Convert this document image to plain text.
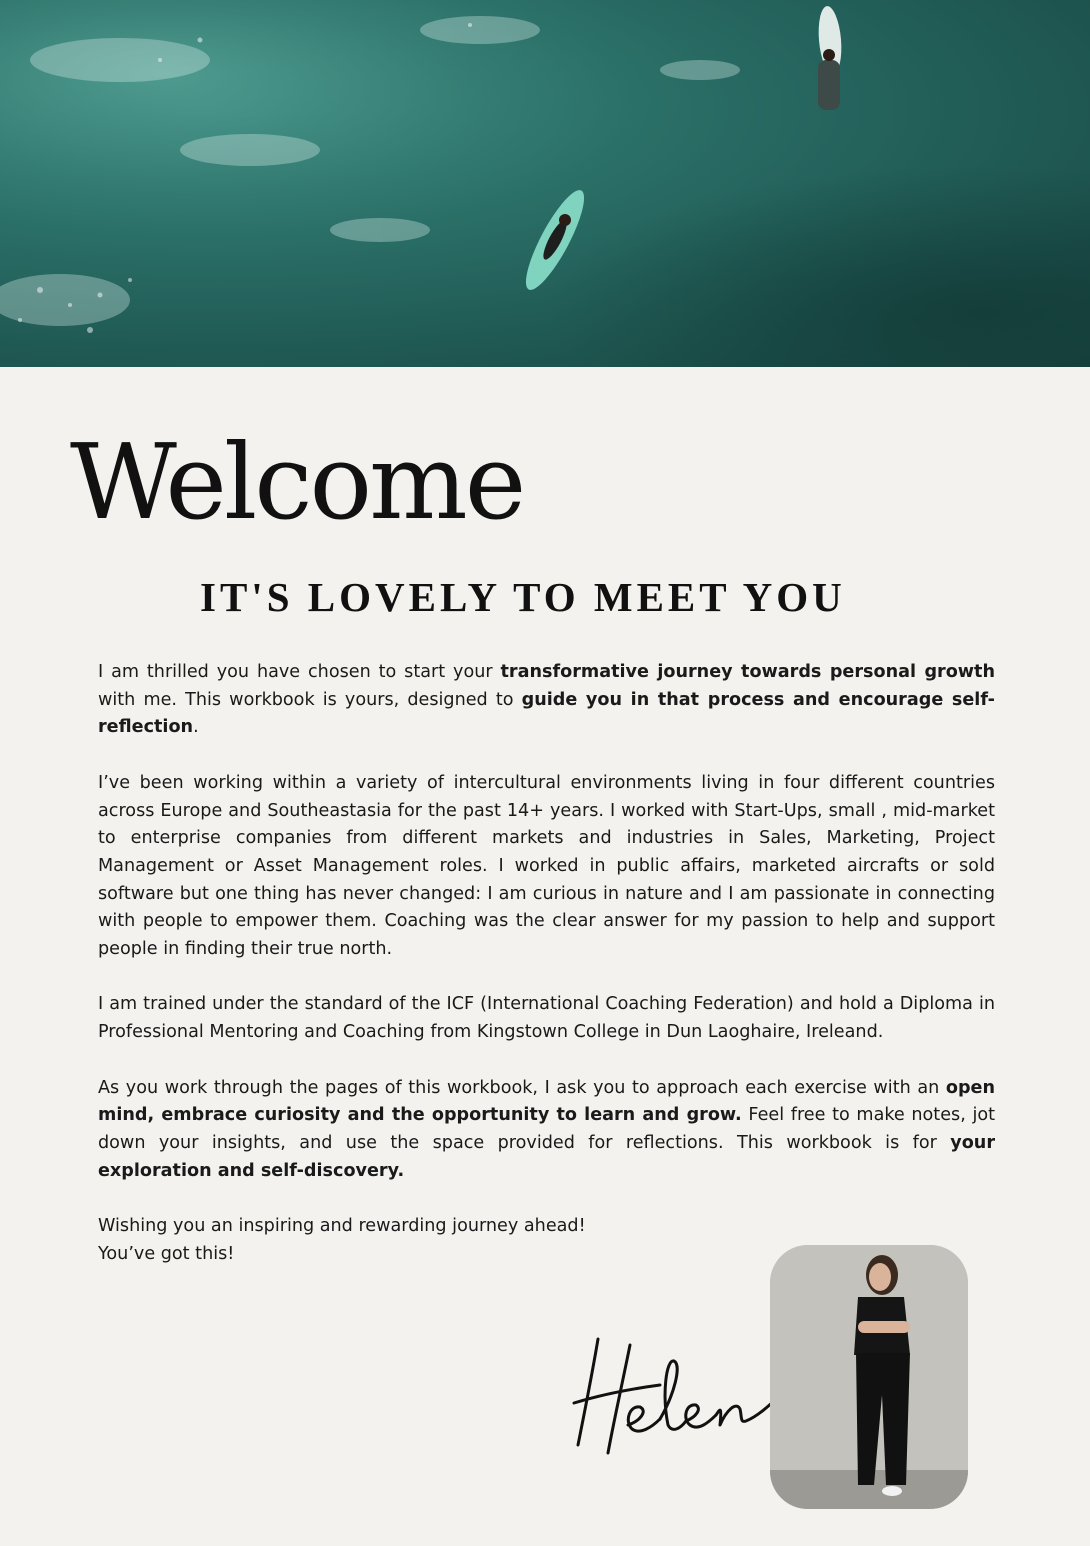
Welcome
IT'S LOVELY TO MEET YOU

I am thrilled you have chosen to start your transformative journey towards personal growth with me. This workbook is yours, designed to guide you in that process and encourage self-reflection.

I’ve been working within a variety of intercultural environments living in four different countries across Europe and Southeastasia for the past 14+ years. I worked with Start-Ups, small , mid-market to enterprise companies from different markets and industries in Sales, Marketing, Project Management or Asset Management roles. I worked in public affairs, marketed aircrafts or sold software but one thing has never changed: I am curious in nature and I am passionate in connecting with people to empower them. Coaching was the clear answer for my passion to help and support people in finding their true north.

I am trained under the standard of the ICF (International Coaching Federation) and hold a Diploma in Professional Mentoring and Coaching from Kingstown College in Dun Laoghaire, Ireleand.

As you work through the pages of this workbook, I ask you to approach each exercise with an open mind, embrace curiosity and the opportunity to learn and grow. Feel free to make notes, jot down your insights, and use the space provided for reflections. This workbook is for your exploration and self-discovery.

Wishing you an inspiring and rewarding journey ahead!
You’ve got this!
